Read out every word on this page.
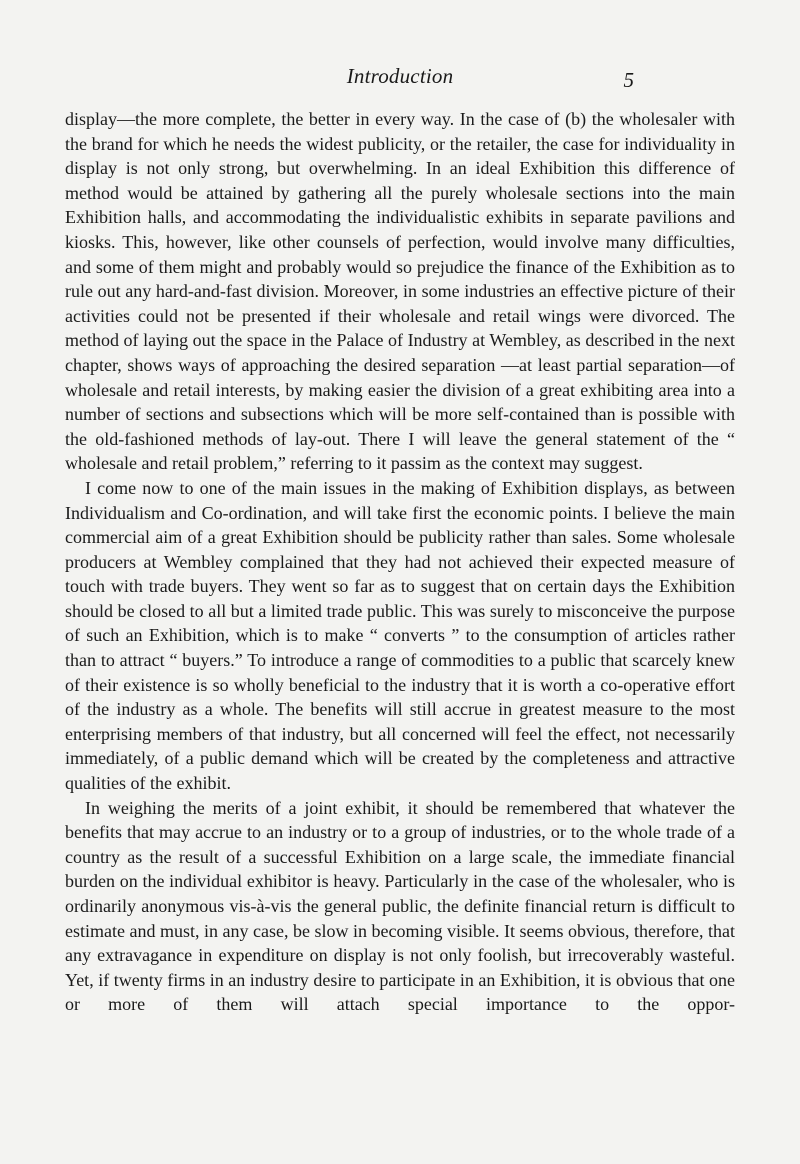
Introduction	5

display—the more complete, the better in every way. In the case of (b) the wholesaler with the brand for which he needs the widest publicity, or the retailer, the case for individuality in display is not only strong, but overwhelming. In an ideal Exhibition this difference of method would be attained by gathering all the purely wholesale sections into the main Exhibition halls, and accommodating the individualistic exhibits in separate pavilions and kiosks. This, however, like other counsels of perfection, would involve many difficulties, and some of them might and probably would so prejudice the finance of the Exhibition as to rule out any hard-and-fast division. Moreover, in some industries an effective picture of their activities could not be presented if their wholesale and retail wings were divorced. The method of laying out the space in the Palace of Industry at Wembley, as described in the next chapter, shows ways of approaching the desired separation —at least partial separation—of wholesale and retail interests, by making easier the division of a great exhibiting area into a number of sections and subsections which will be more self-contained than is possible with the old-fashioned methods of lay-out. There I will leave the general statement of the “ wholesale and retail problem,” referring to it passim as the context may suggest.

I come now to one of the main issues in the making of Exhibition displays, as between Individualism and Co-ordination, and will take first the economic points. I believe the main commercial aim of a great Exhibition should be publicity rather than sales. Some wholesale producers at Wembley complained that they had not achieved their expected measure of touch with trade buyers. They went so far as to suggest that on certain days the Exhibition should be closed to all but a limited trade public. This was surely to misconceive the purpose of such an Exhibition, which is to make “ converts ” to the consumption of articles rather than to attract “ buyers.” To introduce a range of commodities to a public that scarcely knew of their existence is so wholly beneficial to the industry that it is worth a co-operative effort of the industry as a whole. The benefits will still accrue in greatest measure to the most enterprising members of that industry, but all concerned will feel the effect, not necessarily immediately, of a public demand which will be created by the completeness and attractive qualities of the exhibit.

In weighing the merits of a joint exhibit, it should be remembered that whatever the benefits that may accrue to an industry or to a group of industries, or to the whole trade of a country as the result of a successful Exhibition on a large scale, the immediate financial burden on the individual exhibitor is heavy. Particularly in the case of the wholesaler, who is ordinarily anonymous vis-à-vis the general public, the definite financial return is difficult to estimate and must, in any case, be slow in becoming visible. It seems obvious, therefore, that any extravagance in expenditure on display is not only foolish, but irrecoverably wasteful. Yet, if twenty firms in an industry desire to participate in an Exhibition, it is obvious that one or more of them will attach special importance to the oppor-
